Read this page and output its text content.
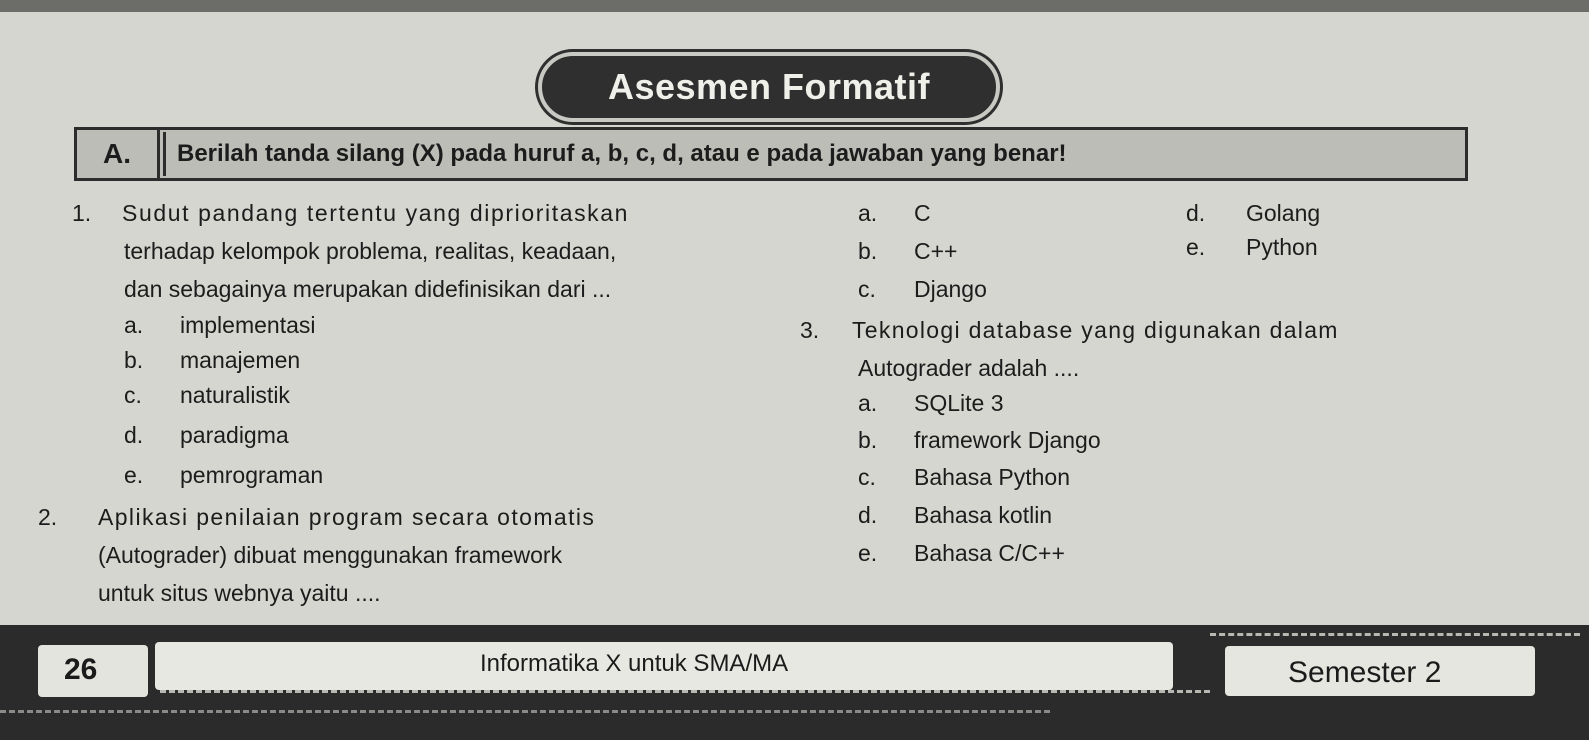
Asesmen Formatif
A.	Berilah tanda silang (X) pada huruf a, b, c, d, atau e pada jawaban yang benar!
1. Sudut pandang tertentu yang diprioritaskan
terhadap kelompok problema, realitas, keadaan,
dan sebagainya merupakan didefinisikan dari ...
a. implementasi
b. manajemen
c. naturalistik
d. paradigma
e. pemrograman
2. Aplikasi penilaian program secara otomatis
(Autograder) dibuat menggunakan framework
untuk situs webnya yaitu ....
a. C
b. C++
c. Django
d. Golang
e. Python
3. Teknologi database yang digunakan dalam
Autograder adalah ....
a. SQLite 3
b. framework Django
c. Bahasa Python
d. Bahasa kotlin
e. Bahasa C/C++
26	Informatika X untuk SMA/MA	Semester 2
